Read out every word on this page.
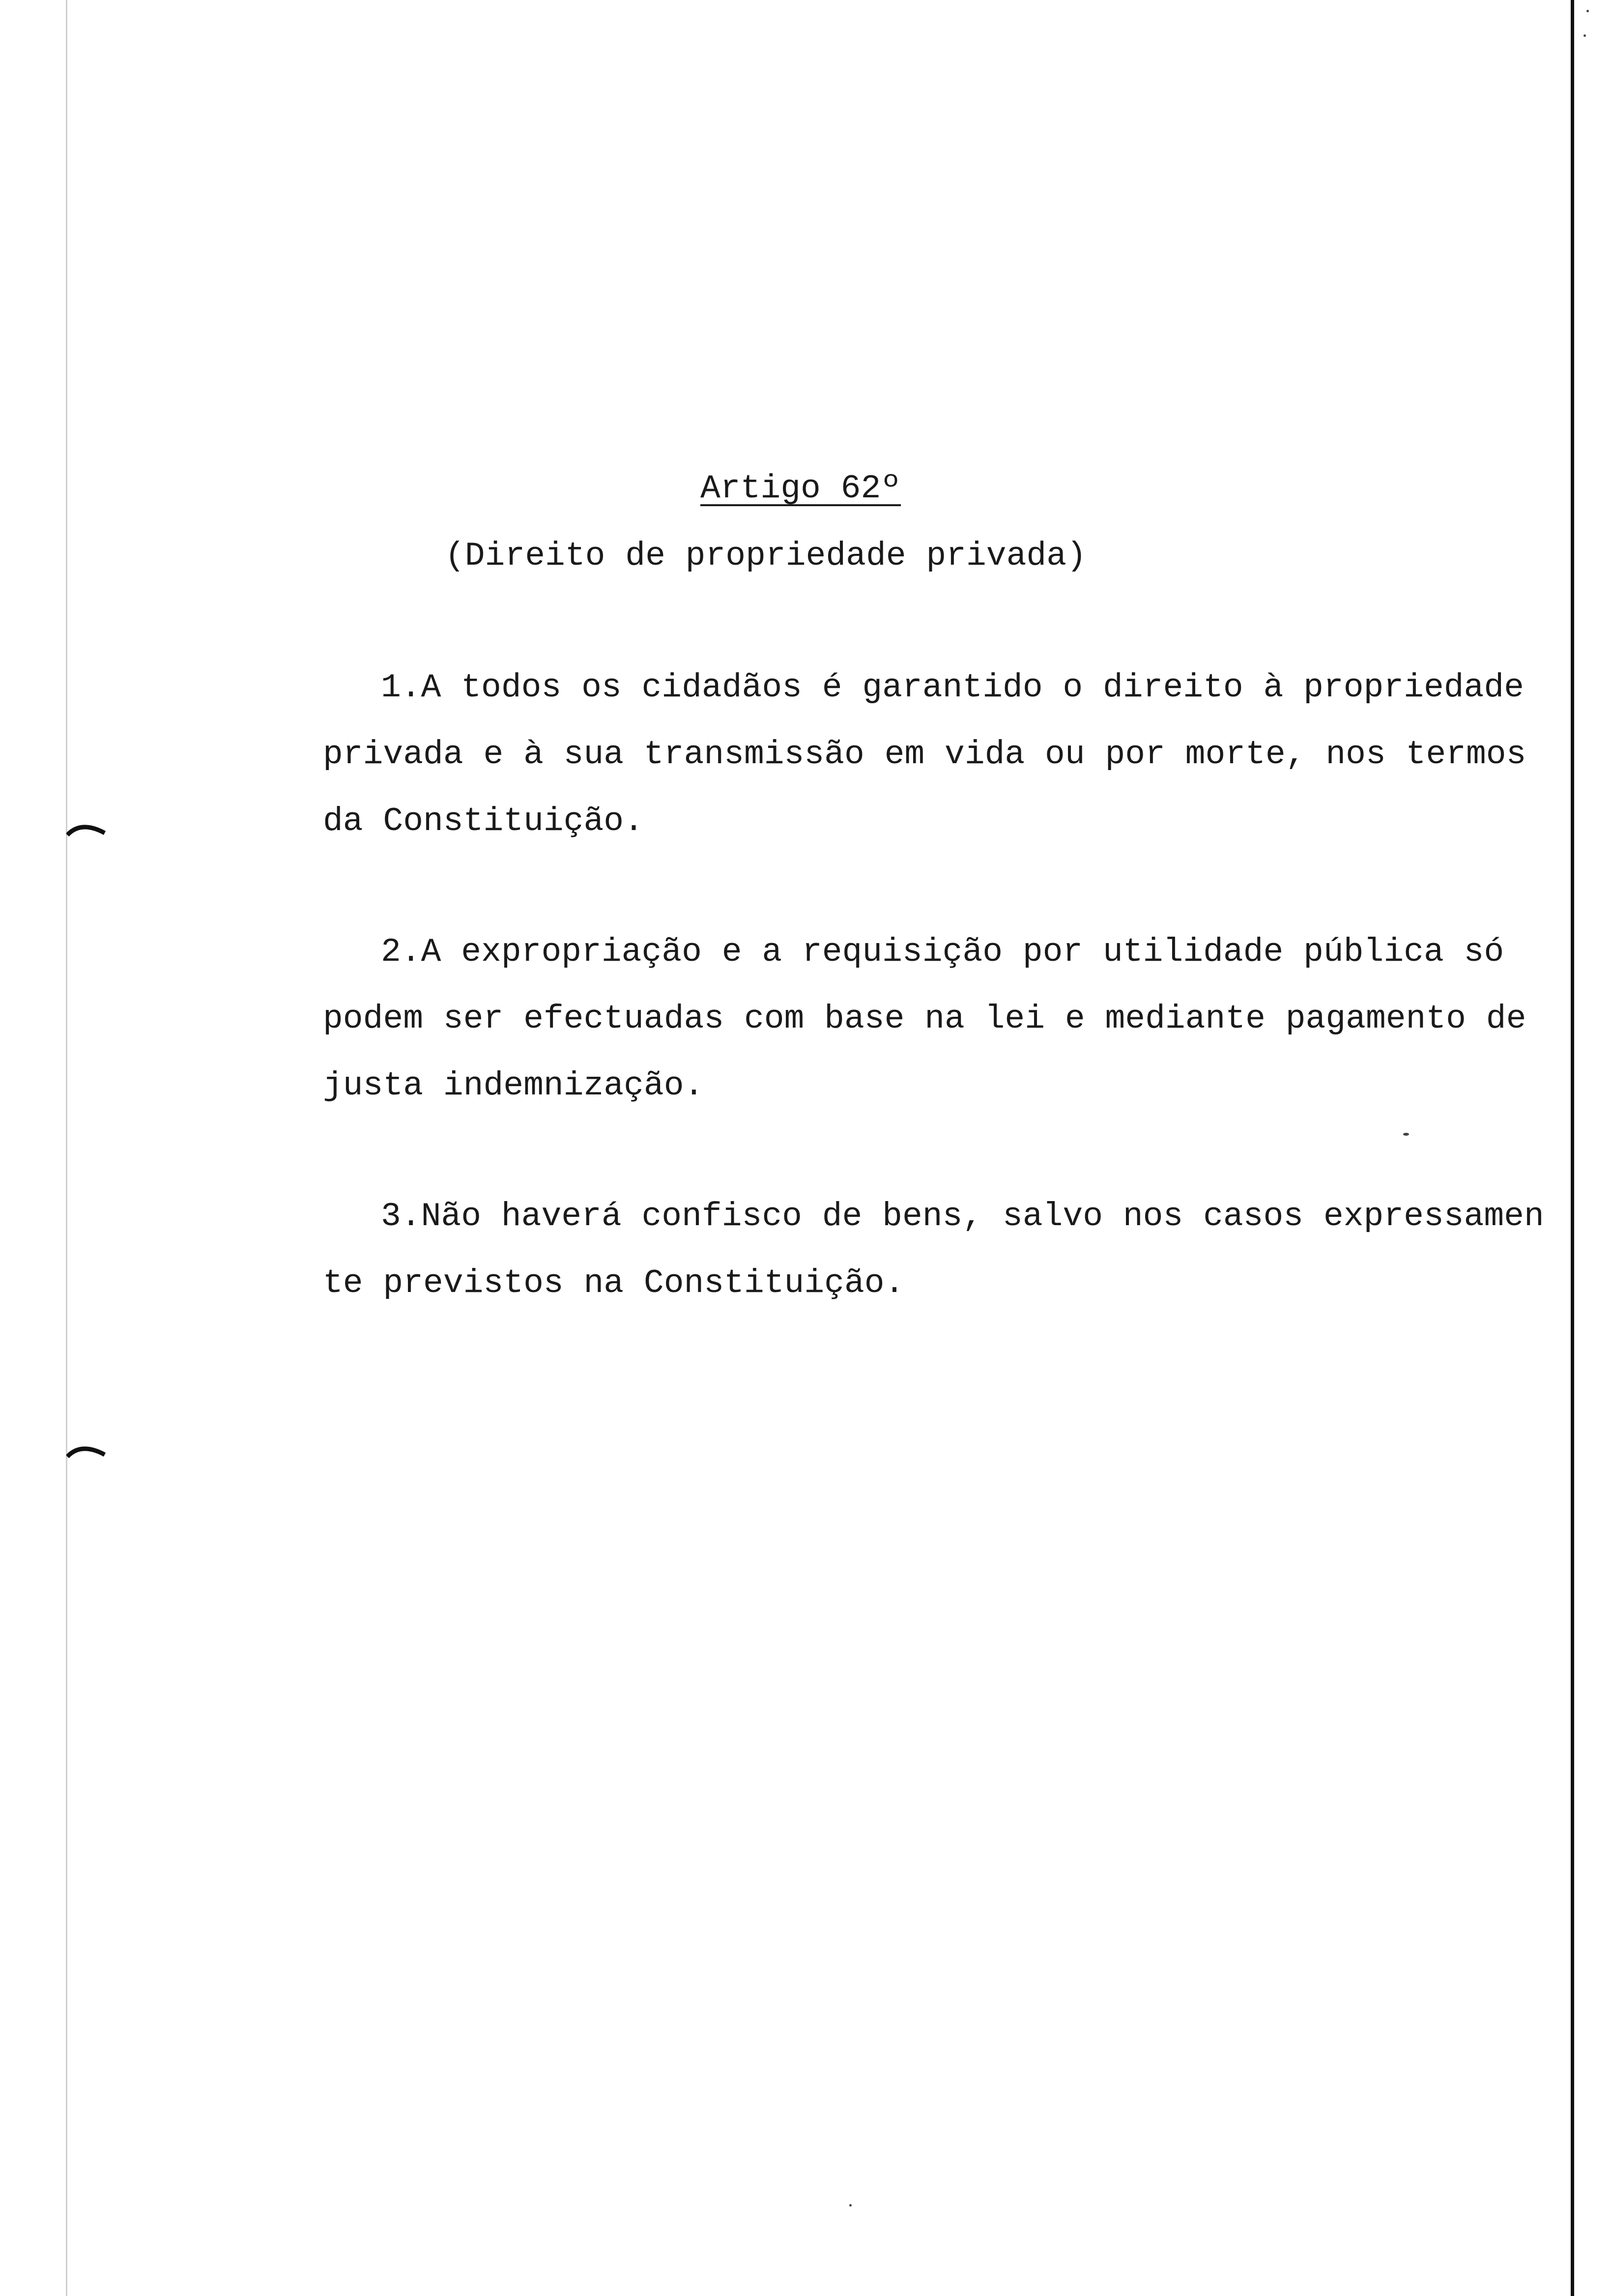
Artigo 62º
(Direito de propriedade privada)
1.A todos os cidadãos é garantido o direito à propriedade
privada e à sua transmissão em vida ou por morte, nos termos
da Constituição.
2.A expropriação e a requisição por utilidade pública só
podem ser efectuadas com base na lei e mediante pagamento de
justa indemnização.
3.Não haverá confisco de bens, salvo nos casos expressamen
te previstos na Constituição.
